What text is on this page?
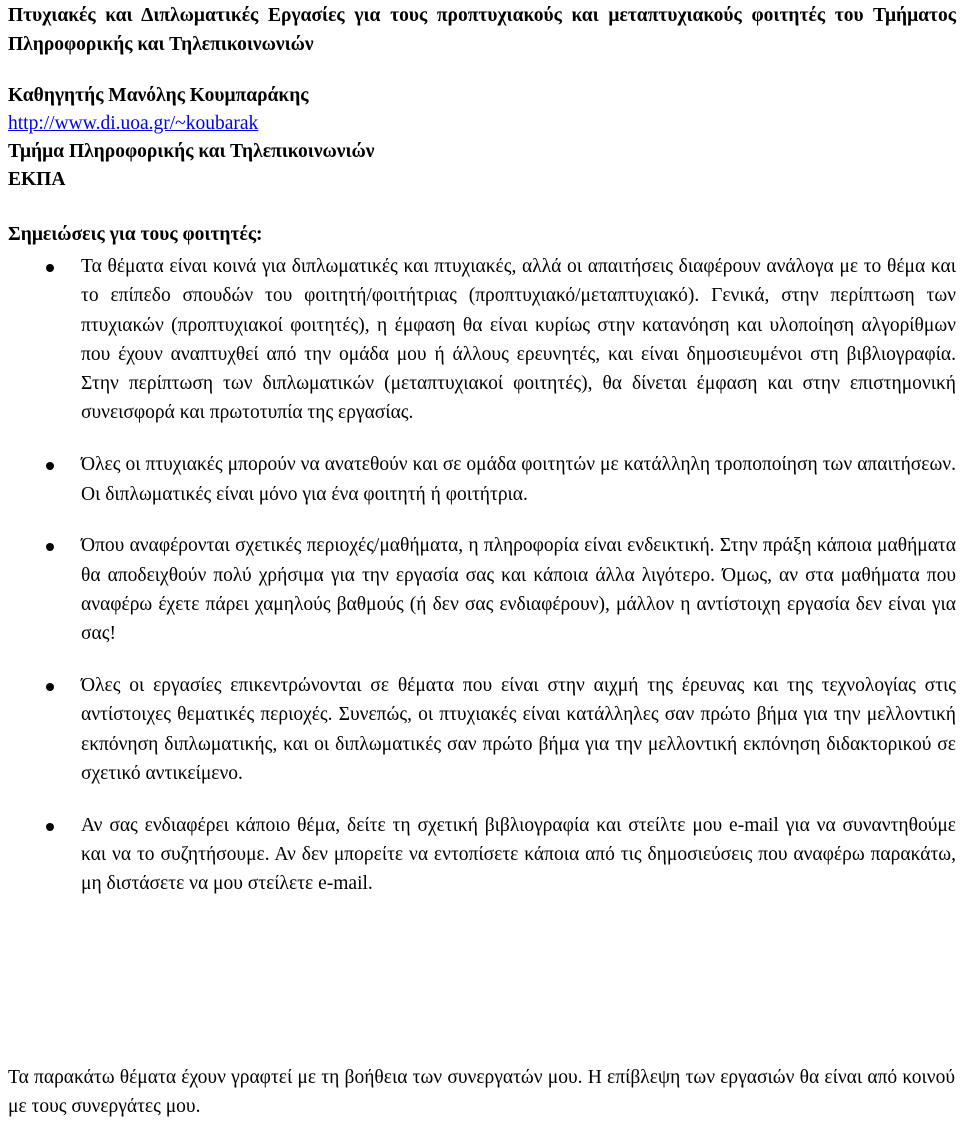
Πτυχιακές και Διπλωματικές Εργασίες για τους προπτυχιακούς και μεταπτυχιακούς φοιτητές του Τμήματος Πληροφορικής και Τηλεπικοινωνιών
Καθηγητής Μανόλης Κουμπαράκης
http://www.di.uoa.gr/~koubarak
Τμήμα Πληροφορικής και Τηλεπικοινωνιών
ΕΚΠΑ
Σημειώσεις για τους φοιτητές:
Τα θέματα είναι κοινά για διπλωματικές και πτυχιακές, αλλά οι απαιτήσεις διαφέρουν ανάλογα με το θέμα και το επίπεδο σπουδών του φοιτητή/φοιτήτριας (προπτυχιακό/μεταπτυχιακό). Γενικά, στην περίπτωση των πτυχιακών (προπτυχιακοί φοιτητές), η έμφαση θα είναι κυρίως στην κατανόηση και υλοποίηση αλγορίθμων που έχουν αναπτυχθεί από την ομάδα μου ή άλλους ερευνητές, και είναι δημοσιευμένοι στη βιβλιογραφία. Στην περίπτωση των διπλωματικών (μεταπτυχιακοί φοιτητές), θα δίνεται έμφαση και στην επιστημονική συνεισφορά και πρωτοτυπία της εργασίας.
Όλες οι πτυχιακές μπορούν να ανατεθούν και σε ομάδα φοιτητών με κατάλληλη τροποποίηση των απαιτήσεων. Οι διπλωματικές είναι μόνο για ένα φοιτητή ή φοιτήτρια.
Όπου αναφέρονται σχετικές περιοχές/μαθήματα, η πληροφορία είναι ενδεικτική. Στην πράξη κάποια μαθήματα θα αποδειχθούν πολύ χρήσιμα για την εργασία σας και κάποια άλλα λιγότερο. Όμως, αν στα μαθήματα που αναφέρω έχετε πάρει χαμηλούς βαθμούς (ή δεν σας ενδιαφέρουν), μάλλον η αντίστοιχη εργασία δεν είναι για σας!
Όλες οι εργασίες επικεντρώνονται σε θέματα που είναι στην αιχμή της έρευνας και της τεχνολογίας στις αντίστοιχες θεματικές περιοχές. Συνεπώς, οι πτυχιακές είναι κατάλληλες σαν πρώτο βήμα για την μελλοντική εκπόνηση διπλωματικής, και οι διπλωματικές σαν πρώτο βήμα για την μελλοντική εκπόνηση διδακτορικού σε σχετικό αντικείμενο.
Αν σας ενδιαφέρει κάποιο θέμα, δείτε τη σχετική βιβλιογραφία και στείλτε μου e-mail για να συναντηθούμε και να το συζητήσουμε. Αν δεν μπορείτε να εντοπίσετε κάποια από τις δημοσιεύσεις που αναφέρω παρακάτω, μη διστάσετε να μου στείλετε e-mail.
Τα παρακάτω θέματα έχουν γραφτεί με τη βοήθεια των συνεργατών μου. Η επίβλεψη των εργασιών θα είναι από κοινού με τους συνεργάτες μου.
